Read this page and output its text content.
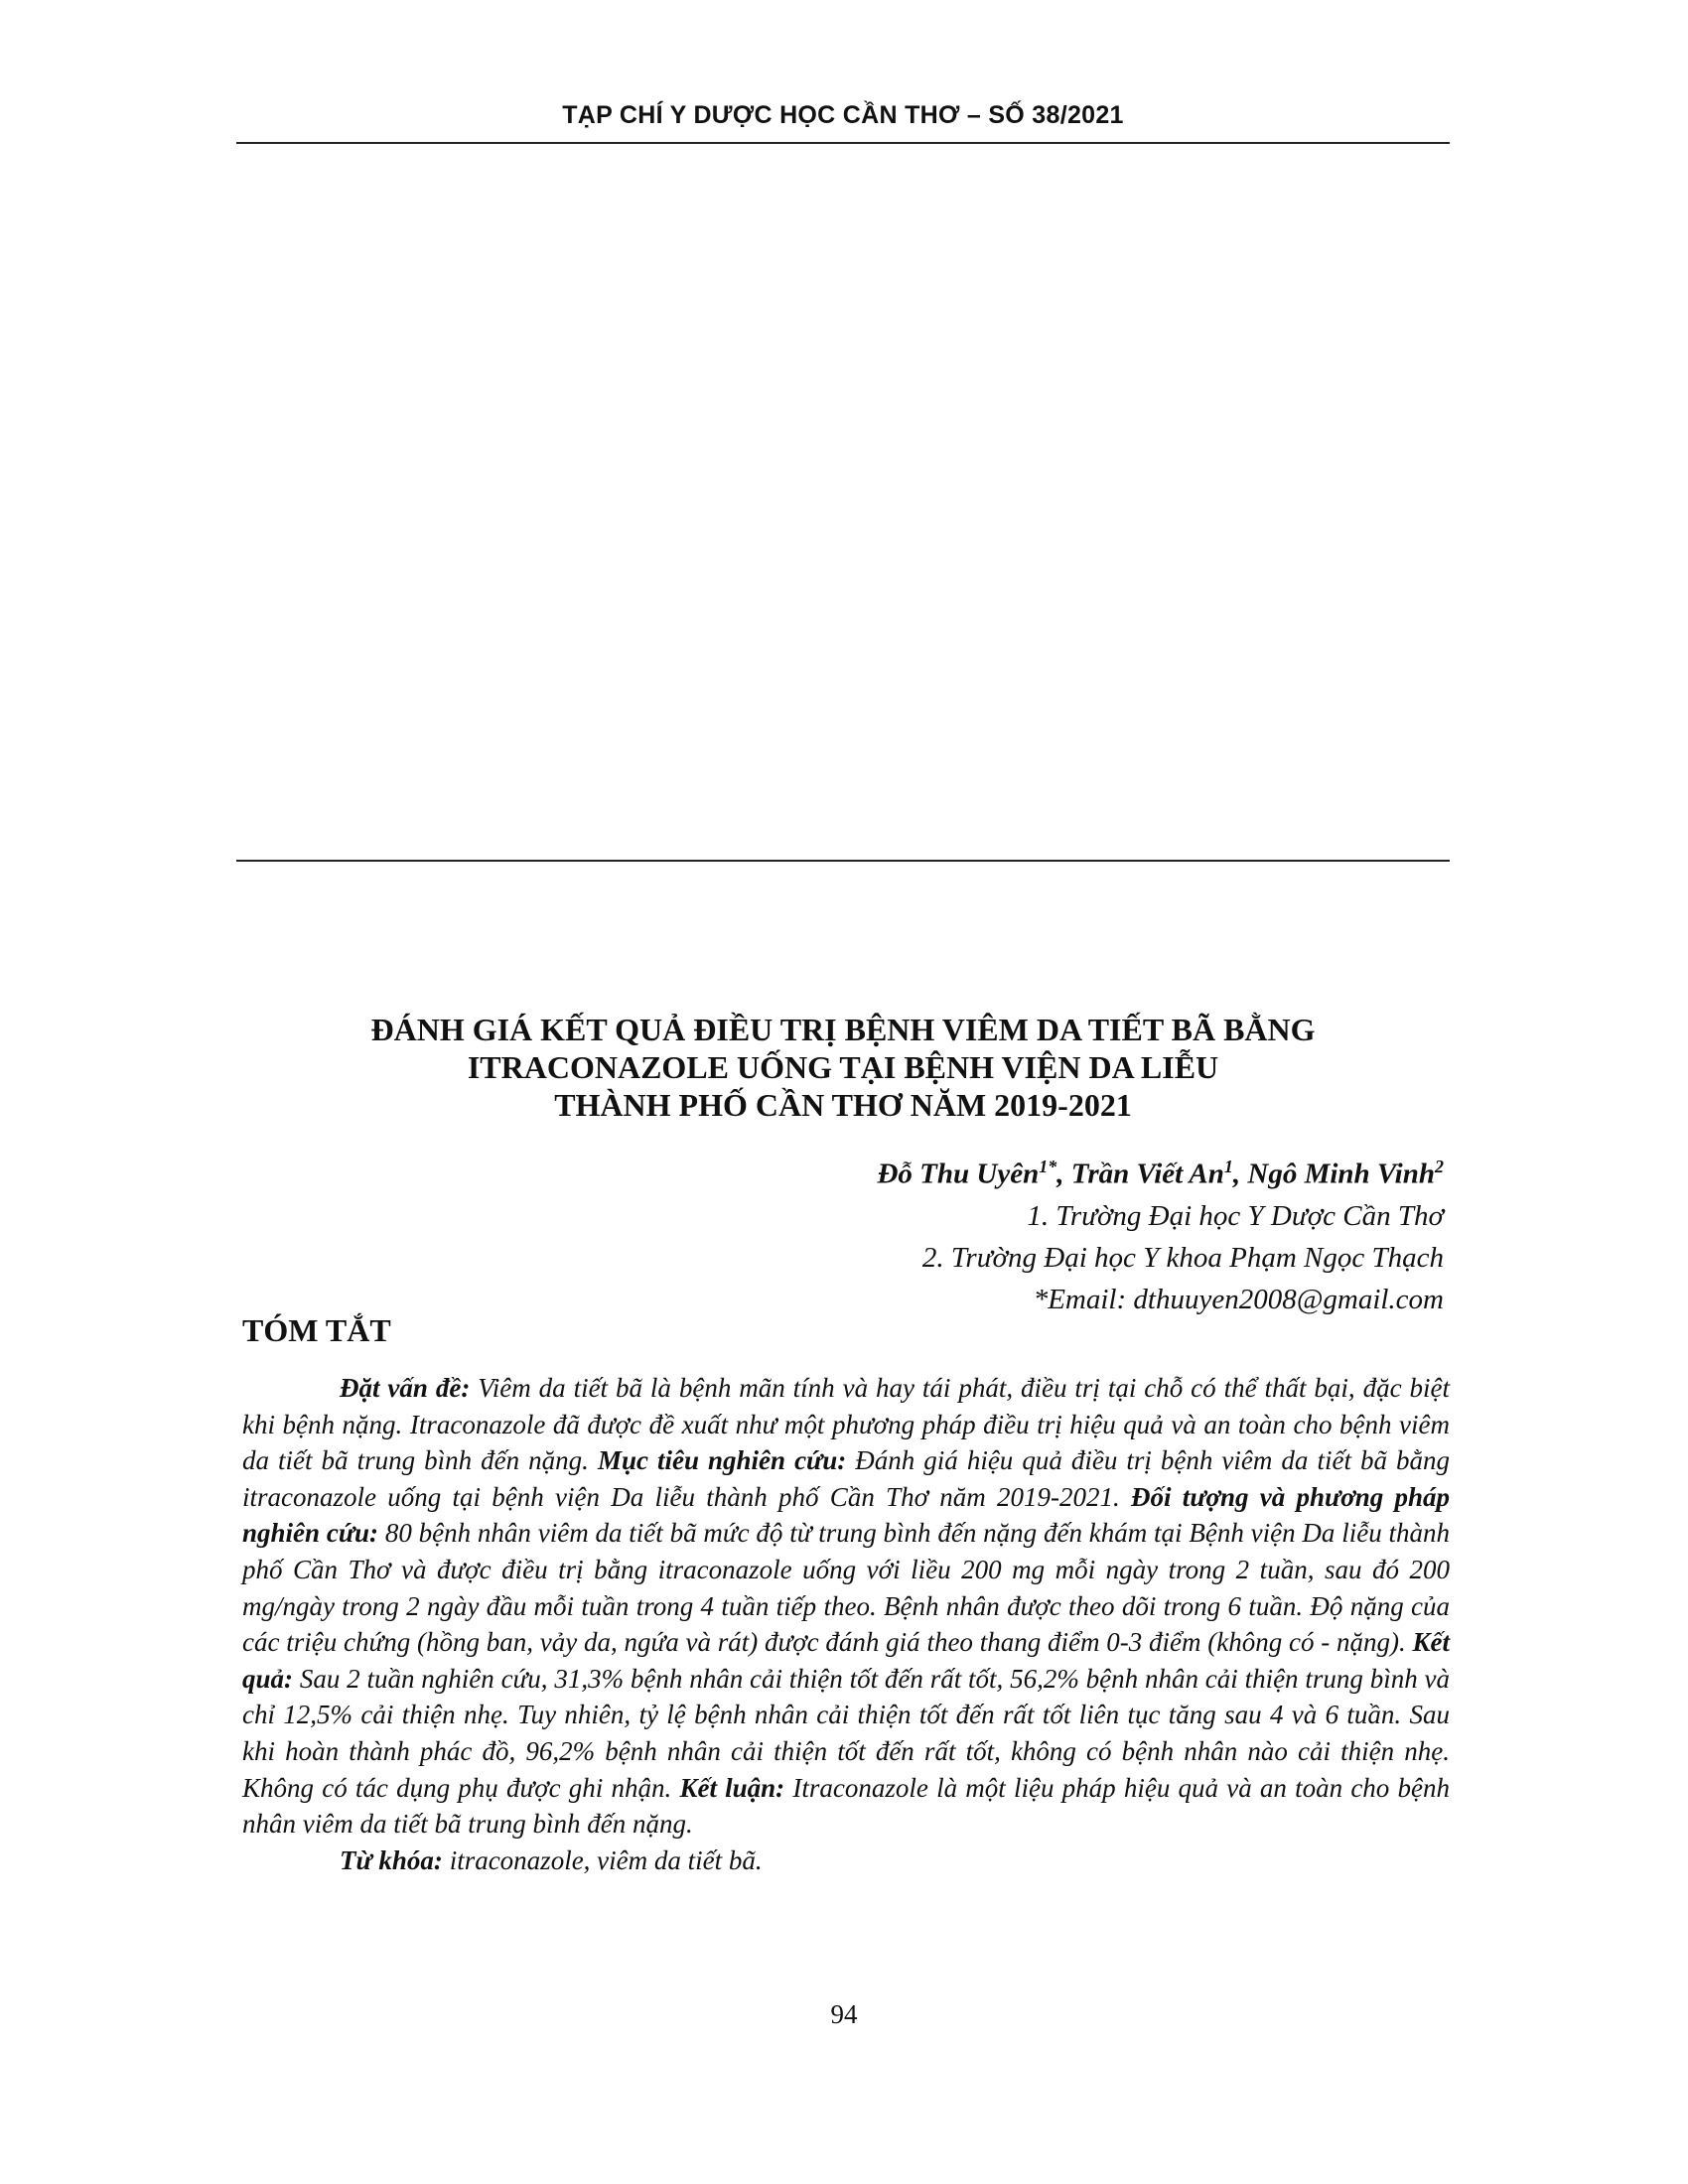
TẠP CHÍ Y DƯỢC HỌC CẦN THƠ – SỐ 38/2021
ĐÁNH GIÁ KẾT QUẢ ĐIỀU TRỊ BỆNH VIÊM DA TIẾT BÃ BẰNG
ITRACONAZOLE UỐNG TẠI BỆNH VIỆN DA LIỄU
THÀNH PHỐ CẦN THƠ NĂM 2019-2021
Đỗ Thu Uyên$^{1*}$, Trần Viết An$^1$, Ngô Minh Vinh$^2$
1. Trường Đại học Y Dược Cần Thơ
2. Trường Đại học Y khoa Phạm Ngọc Thạch
*Email: dthuuyen2008@gmail.com
TÓM TẮT

Đặt vấn đề: Viêm da tiết bã là bệnh mãn tính và hay tái phát, điều trị tại chỗ có thể thất bại, đặc biệt khi bệnh nặng. Itraconazole đã được đề xuất như một phương pháp điều trị hiệu quả và an toàn cho bệnh viêm da tiết bã trung bình đến nặng. Mục tiêu nghiên cứu: Đánh giá hiệu quả điều trị bệnh viêm da tiết bã bằng itraconazole uống tại bệnh viện Da liễu thành phố Cần Thơ năm 2019-2021. Đối tượng và phương pháp nghiên cứu: 80 bệnh nhân viêm da tiết bã mức độ từ trung bình đến nặng đến khám tại Bệnh viện Da liễu thành phố Cần Thơ và được điều trị bằng itraconazole uống với liều 200 mg mỗi ngày trong 2 tuần, sau đó 200 mg/ngày trong 2 ngày đầu mỗi tuần trong 4 tuần tiếp theo. Bệnh nhân được theo dõi trong 6 tuần. Độ nặng của các triệu chứng (hồng ban, vảy da, ngứa và rát) được đánh giá theo thang điểm 0-3 điểm (không có - nặng). Kết quả: Sau 2 tuần nghiên cứu, 31,3% bệnh nhân cải thiện tốt đến rất tốt, 56,2% bệnh nhân cải thiện trung bình và chỉ 12,5% cải thiện nhẹ. Tuy nhiên, tỷ lệ bệnh nhân cải thiện tốt đến rất tốt liên tục tăng sau 4 và 6 tuần. Sau khi hoàn thành phác đồ, 96,2% bệnh nhân cải thiện tốt đến rất tốt, không có bệnh nhân nào cải thiện nhẹ. Không có tác dụng phụ được ghi nhận. Kết luận: Itraconazole là một liệu pháp hiệu quả và an toàn cho bệnh nhân viêm da tiết bã trung bình đến nặng.

Từ khóa: itraconazole, viêm da tiết bã.

94
